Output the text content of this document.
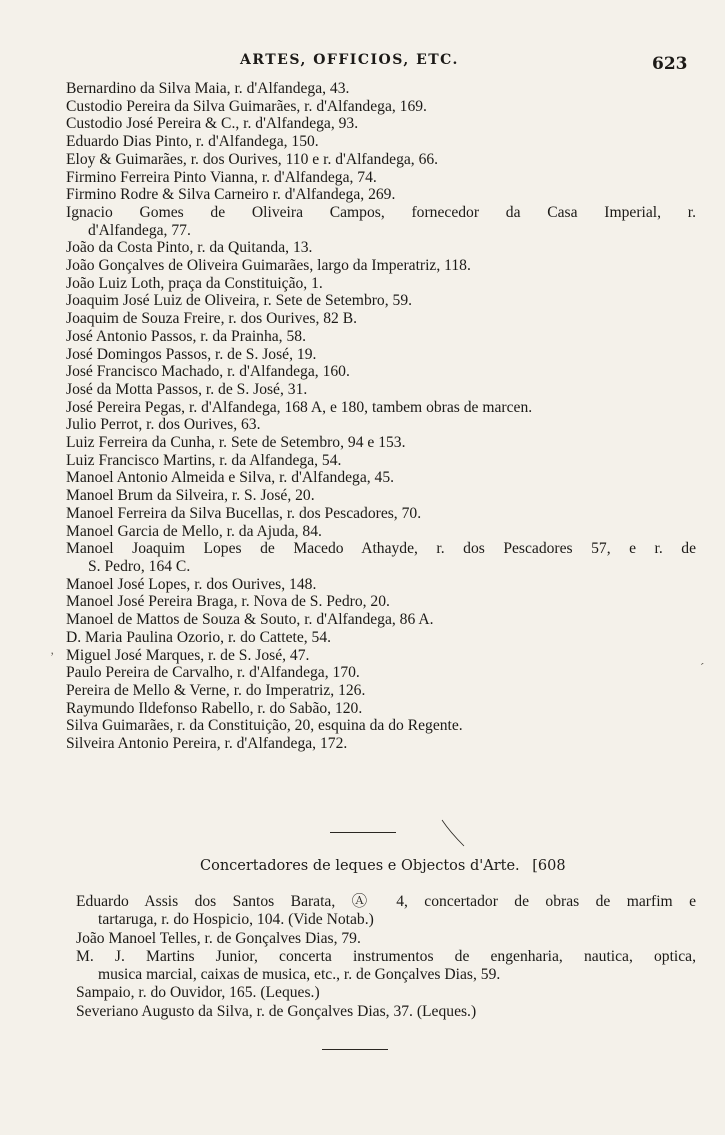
ARTES, OFFICIOS, ETC.	623
Bernardino da Silva Maia, r. d'Alfandega, 43.
Custodio Pereira da Silva Guimarães, r. d'Alfandega, 169.
Custodio José Pereira & C., r. d'Alfandega, 93.
Eduardo Dias Pinto, r. d'Alfandega, 150.
Eloy & Guimarães, r. dos Ourives, 110 e r. d'Alfandega, 66.
Firmino Ferreira Pinto Vianna, r. d'Alfandega, 74.
Firmino Rodre & Silva Carneiro r. d'Alfandega, 269.
Ignacio Gomes de Oliveira Campos, fornecedor da Casa Imperial, r.
d'Alfandega, 77.
João da Costa Pinto, r. da Quitanda, 13.
João Gonçalves de Oliveira Guimarães, largo da Imperatriz, 118.
João Luiz Loth, praça da Constituição, 1.
Joaquim José Luiz de Oliveira, r. Sete de Setembro, 59.
Joaquim de Souza Freire, r. dos Ourives, 82 B.
José Antonio Passos, r. da Prainha, 58.
José Domingos Passos, r. de S. José, 19.
José Francisco Machado, r. d'Alfandega, 160.
José da Motta Passos, r. de S. José, 31.
José Pereira Pegas, r. d'Alfandega, 168 A, e 180, tambem obras de marcen.
Julio Perrot, r. dos Ourives, 63.
Luiz Ferreira da Cunha, r. Sete de Setembro, 94 e 153.
Luiz Francisco Martins, r. da Alfandega, 54.
Manoel Antonio Almeida e Silva, r. d'Alfandega, 45.
Manoel Brum da Silveira, r. S. José, 20.
Manoel Ferreira da Silva Bucellas, r. dos Pescadores, 70.
Manoel Garcia de Mello, r. da Ajuda, 84.
Manoel Joaquim Lopes de Macedo Athayde, r. dos Pescadores 57, e r. de
S. Pedro, 164 C.
Manoel José Lopes, r. dos Ourives, 148.
Manoel José Pereira Braga, r. Nova de S. Pedro, 20.
Manoel de Mattos de Souza & Souto, r. d'Alfandega, 86 A.
D. Maria Paulina Ozorio, r. do Cattete, 54.
Miguel José Marques, r. de S. José, 47.
Paulo Pereira de Carvalho, r. d'Alfandega, 170.
Pereira de Mello & Verne, r. do Imperatriz, 126.
Raymundo Ildefonso Rabello, r. do Sabão, 120.
Silva Guimarães, r. da Constituição, 20, esquina da do Regente.
Silveira Antonio Pereira, r. d'Alfandega, 172.
Concertadores de leques e Objectos d'Arte. [608
Eduardo Assis dos Santos Barata, Ⓐ 4, concertador de obras de marfim e
tartaruga, r. do Hospicio, 104. (Vide Notab.)
João Manoel Telles, r. de Gonçalves Dias, 79.
M. J. Martins Junior, concerta instrumentos de engenharia, nautica, optica,
musica marcial, caixas de musica, etc., r. de Gonçalves Dias, 59.
Sampaio, r. do Ouvidor, 165. (Leques.)
Severiano Augusto da Silva, r. de Gonçalves Dias, 37. (Leques.)
‚
ˊ
